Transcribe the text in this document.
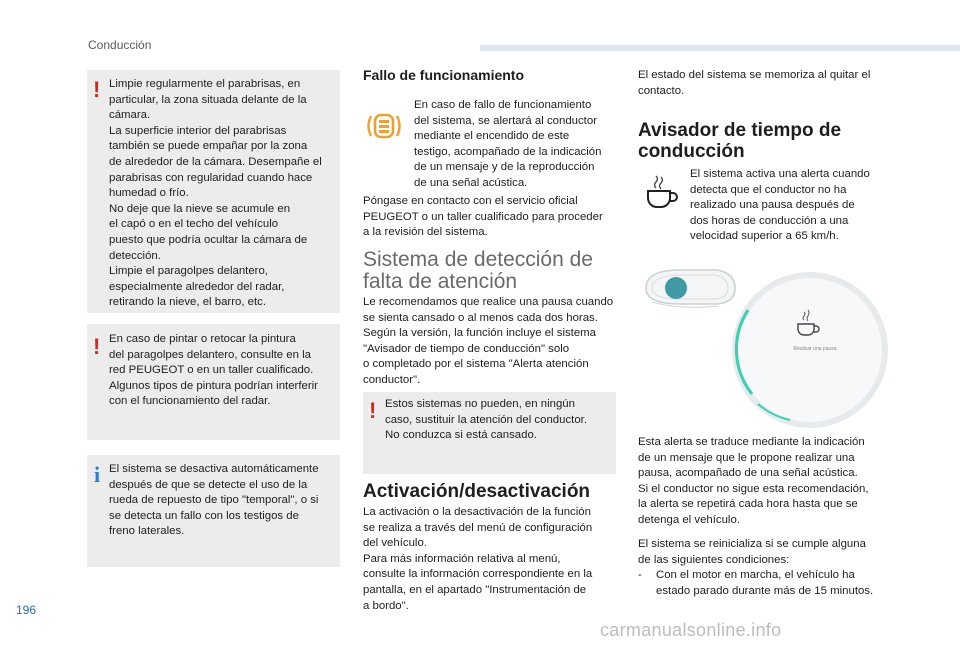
Conducción
! Limpie regularmente el parabrisas, en

particular, la zona situada delante de la

cámara.

La superficie interior del parabrisas

también se puede empañar por la zona

de alrededor de la cámara. Desempañe el

parabrisas con regularidad cuando hace

humedad o frío.

No deje que la nieve se acumule en

el capó o en el techo del vehículo

puesto que podría ocultar la cámara de

detección.

Limpie el paragolpes delantero,

especialmente alrededor del radar,

retirando la nieve, el barro, etc.

! En caso de pintar o retocar la pintura

del paragolpes delantero, consulte en la

red PEUGEOT o en un taller cualificado.

Algunos tipos de pintura podrían interferir

con el funcionamiento del radar.

i El sistema se desactiva automáticamente

después de que se detecte el uso de la

rueda de repuesto de tipo "temporal", o si

se detecta un fallo con los testigos de

freno laterales.

Fallo de funcionamiento

En caso de fallo de funcionamiento

del sistema, se alertará al conductor

mediante el encendido de este

testigo, acompañado de la indicación

de un mensaje y de la reproducción

de una señal acústica.

Póngase en contacto con el servicio oficial

PEUGEOT o un taller cualificado para proceder

a la revisión del sistema.

Sistema de detección de
falta de atención

Le recomendamos que realice una pausa cuando

se sienta cansado o al menos cada dos horas.

Según la versión, la función incluye el sistema

"Avisador de tiempo de conducción" solo

o completado por el sistema "Alerta atención

conductor".

! Estos sistemas no pueden, en ningún

caso, sustituir la atención del conductor.

No conduzca si está cansado.

Activación/desactivación

La activación o la desactivación de la función

se realiza a través del menú de configuración

del vehículo.

Para más información relativa al menú,

consulte la información correspondiente en la

pantalla, en el apartado "Instrumentación de

a bordo".

El estado del sistema se memoriza al quitar el

contacto.

Avisador de tiempo de
conducción

El sistema activa una alerta cuando

detecta que el conductor no ha

realizado una pausa después de

dos horas de conducción a una

velocidad superior a 65 km/h.

Realizar una pausa

Esta alerta se traduce mediante la indicación

de un mensaje que le propone realizar una

pausa, acompañado de una señal acústica.

Si el conductor no sigue esta recomendación,

la alerta se repetirá cada hora hasta que se

detenga el vehículo.

El sistema se reinicializa si se cumple alguna

de las siguientes condiciones:

-	Con el motor en marcha, el vehículo ha

estado parado durante más de 15 minutos.

196
carmanualsonline.info
